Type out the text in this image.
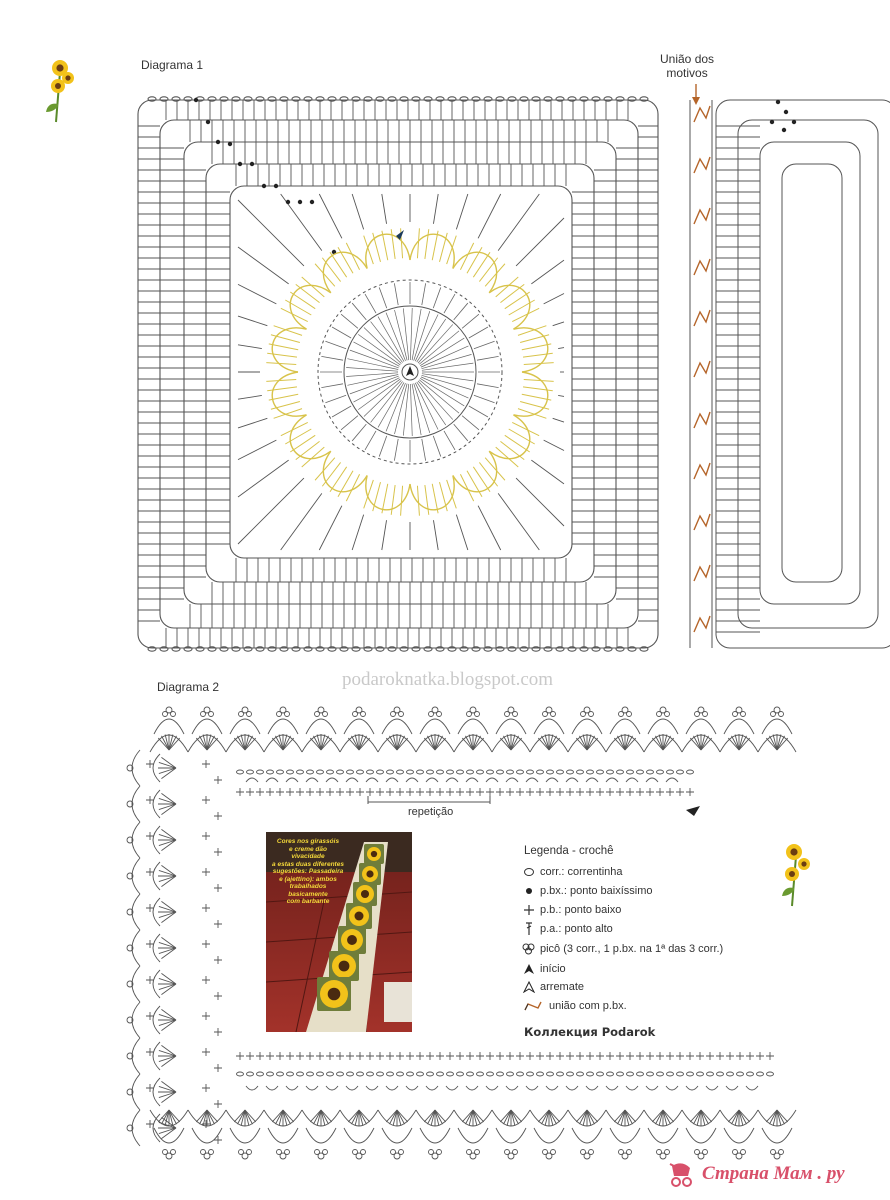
Diagrama 1	União dos
motivos
podaroknatka.blogspot.com
Diagrama 2
repetição
Cores nos girassóis
e creme dão vivacidade
a estas duas diferentes
sugestões: Passadeira
e (ajettino): ambos
trabalhados basicamente
com barbante
Legenda - crochê
corr.: correntinha
p.bx.: ponto baixíssimo
p.b.: ponto baixo
p.a.: ponto alto
picô (3 corr., 1 p.bx. na 1ª das 3 corr.)
início
arremate
união com p.bx.
Коллекция Podarok
Страна Мам . ру
